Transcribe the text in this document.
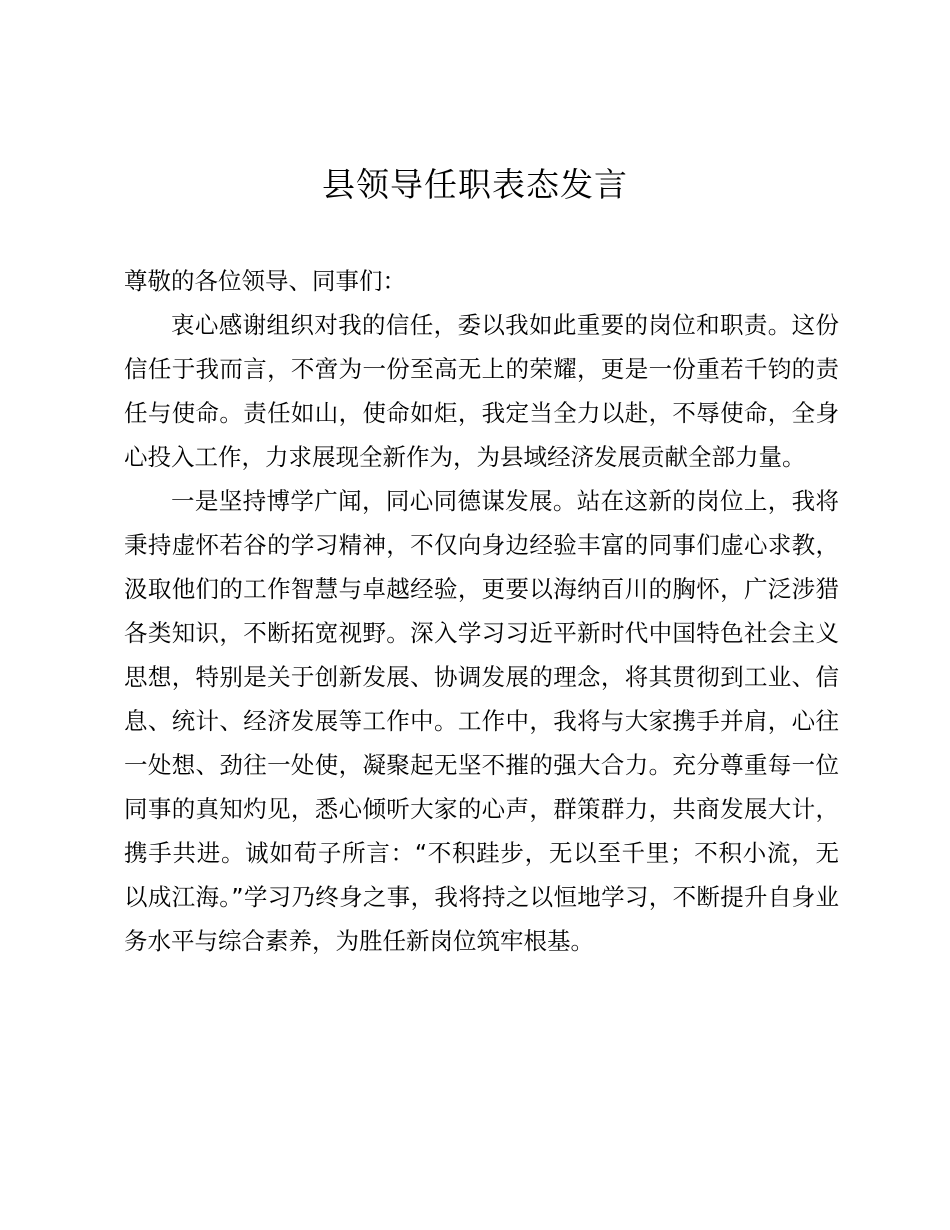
县领导任职表态发言

尊敬的各位领导、同事们：

衷心感谢组织对我的信任，委以我如此重要的岗位和职责。这份信任于我而言，不啻为一份至高无上的荣耀，更是一份重若千钧的责任与使命。责任如山，使命如炬，我定当全力以赴，不辱使命，全身心投入工作，力求展现全新作为，为县域经济发展贡献全部力量。

一是坚持博学广闻，同心同德谋发展。站在这新的岗位上，我将秉持虚怀若谷的学习精神，不仅向身边经验丰富的同事们虚心求教，汲取他们的工作智慧与卓越经验，更要以海纳百川的胸怀，广泛涉猎各类知识，不断拓宽视野。深入学习习近平新时代中国特色社会主义思想，特别是关于创新发展、协调发展的理念，将其贯彻到工业、信息、统计、经济发展等工作中。工作中，我将与大家携手并肩，心往一处想、劲往一处使，凝聚起无坚不摧的强大合力。充分尊重每一位同事的真知灼见，悉心倾听大家的心声，群策群力，共商发展大计，携手共进。诚如荀子所言：“不积跬步，无以至千里；不积小流，无以成江海。”学习乃终身之事，我将持之以恒地学习，不断提升自身业务水平与综合素养，为胜任新岗位筑牢根基。
